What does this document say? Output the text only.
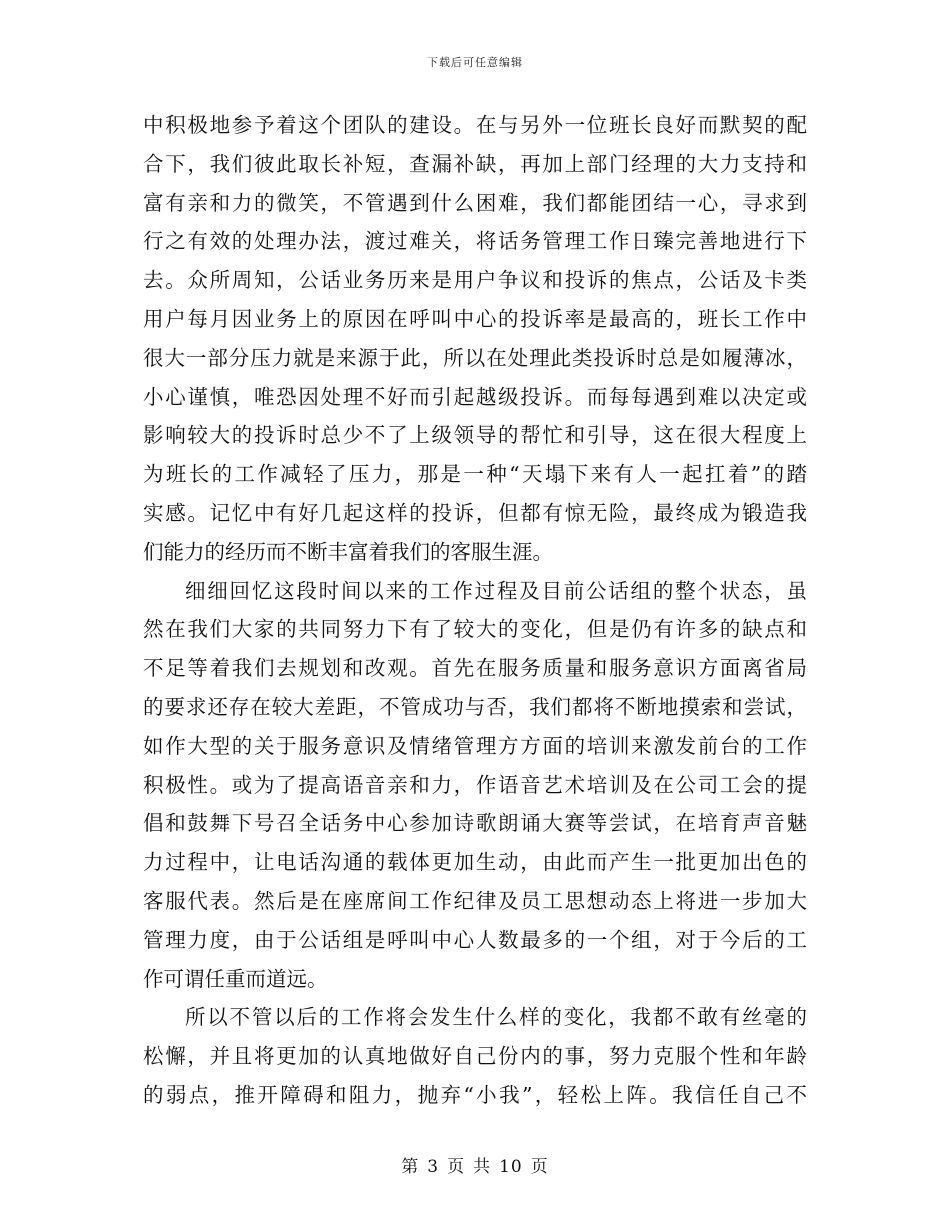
下载后可任意编辑
中积极地参予着这个团队的建设。在与另外一位班长良好而默契的配
合下，我们彼此取长补短，查漏补缺，再加上部门经理的大力支持和
富有亲和力的微笑，不管遇到什么困难，我们都能团结一心，寻求到
行之有效的处理办法，渡过难关，将话务管理工作日臻完善地进行下
去。众所周知，公话业务历来是用户争议和投诉的焦点，公话及卡类
用户每月因业务上的原因在呼叫中心的投诉率是最高的，班长工作中
很大一部分压力就是来源于此，所以在处理此类投诉时总是如履薄冰，
小心谨慎，唯恐因处理不好而引起越级投诉。而每每遇到难以决定或
影响较大的投诉时总少不了上级领导的帮忙和引导，这在很大程度上
为班长的工作减轻了压力，那是一种“天塌下来有人一起扛着”的踏
实感。记忆中有好几起这样的投诉，但都有惊无险，最终成为锻造我
们能力的经历而不断丰富着我们的客服生涯。
细细回忆这段时间以来的工作过程及目前公话组的整个状态，虽
然在我们大家的共同努力下有了较大的变化，但是仍有许多的缺点和
不足等着我们去规划和改观。首先在服务质量和服务意识方面离省局
的要求还存在较大差距，不管成功与否，我们都将不断地摸索和尝试，
如作大型的关于服务意识及情绪管理方方面的培训来激发前台的工作
积极性。或为了提高语音亲和力，作语音艺术培训及在公司工会的提
倡和鼓舞下号召全话务中心参加诗歌朗诵大赛等尝试，在培育声音魅
力过程中，让电话沟通的载体更加生动，由此而产生一批更加出色的
客服代表。然后是在座席间工作纪律及员工思想动态上将进一步加大
管理力度，由于公话组是呼叫中心人数最多的一个组，对于今后的工
作可谓任重而道远。
所以不管以后的工作将会发生什么样的变化，我都不敢有丝毫的
松懈，并且将更加的认真地做好自己份内的事，努力克服个性和年龄
的弱点，推开障碍和阻力，抛弃“小我”，轻松上阵。我信任自己不
第 3 页 共 10 页
